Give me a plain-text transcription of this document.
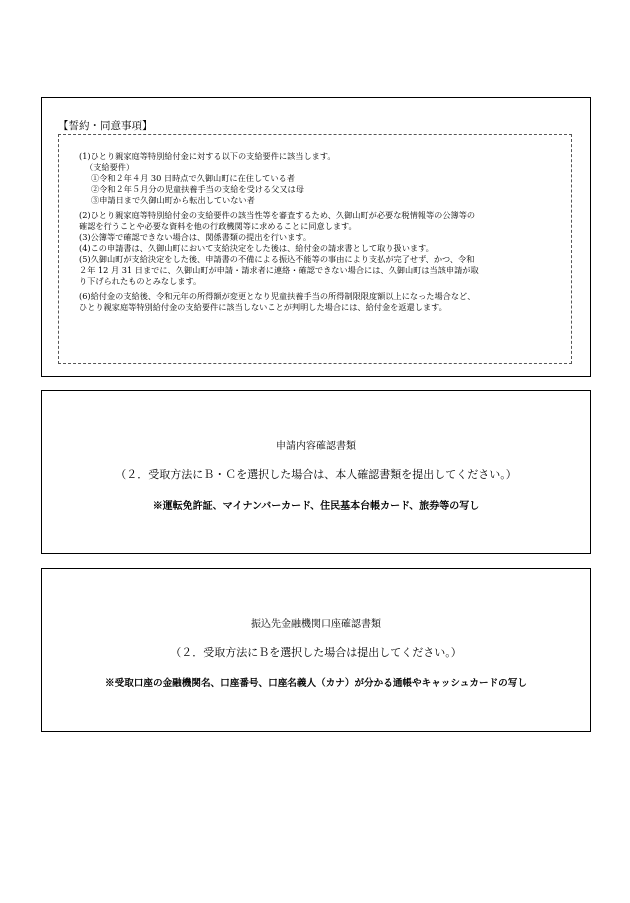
【誓約・同意事項】
(1)ひとり親家庭等特別給付金に対する以下の支給要件に該当します。
（支給要件）
①令和２年４月 30 日時点で久御山町に在住している者
②令和２年５月分の児童扶養手当の支給を受ける父又は母
③申請日まで久御山町から転出していない者
(2)ひとり親家庭等特別給付金の支給要件の該当性等を審査するため、久御山町が必要な税情報等の公簿等の
確認を行うことや必要な資料を他の行政機関等に求めることに同意します。
(3)公簿等で確認できない場合は、関係書類の提出を行います。
(4)この申請書は、久御山町において支給決定をした後は、給付金の請求書として取り扱います。
(5)久御山町が支給決定をした後、申請書の不備による振込不能等の事由により支払が完了せず、かつ、令和
２年 12 月 31 日までに、久御山町が申請・請求者に連絡・確認できない場合には、久御山町は当該申請が取
り下げられたものとみなします。
(6)給付金の支給後、令和元年の所得額が変更となり児童扶養手当の所得制限限度額以上になった場合など、
ひとり親家庭等特別給付金の支給要件に該当しないことが判明した場合には、給付金を返還します。
申請内容確認書類
（２．受取方法にＢ・Ｃを選択した場合は、本人確認書類を提出してください。）
※運転免許証、マイナンバーカード、住民基本台帳カード、旅券等の写し
振込先金融機関口座確認書類
（２．受取方法にＢを選択した場合は提出してください。）
※受取口座の金融機関名、口座番号、口座名義人（カナ）が分かる通帳やキャッシュカードの写し
